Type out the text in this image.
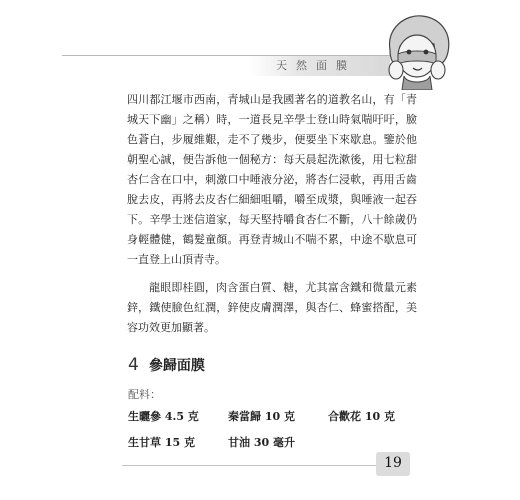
天然面膜

四川都江堰市西南，青城山是我國著名的道教名山，有「青城天下幽」之稱）時，一道長見辛學士登山時氣喘吁吁，臉色蒼白，步履維艱，走不了幾步，便要坐下來歇息。鑒於他朝聖心誠，便告訴他一個秘方：每天晨起洗漱後，用七粒甜杏仁含在口中，刺激口中唾液分泌，將杏仁浸軟，再用舌齒脫去皮，再將去皮杏仁細細咀嚼，嚼至成漿，與唾液一起吞下。辛學士迷信道家，每天堅持嚼食杏仁不斷，八十餘歲仍身輕體健，鶴髮童顏。再登青城山不喘不累，中途不歇息可一直登上山頂青寺。

龍眼即桂圓，肉含蛋白質、糖，尤其富含鐵和微量元素鋅，鐵使臉色紅潤，鋅使皮膚潤澤，與杏仁、蜂蜜搭配，美容功效更加顯著。

4 參歸面膜
配料：
生曬參 4.5 克	秦當歸 10 克	合歡花 10 克
生甘草 15 克	甘油 30 毫升
19
